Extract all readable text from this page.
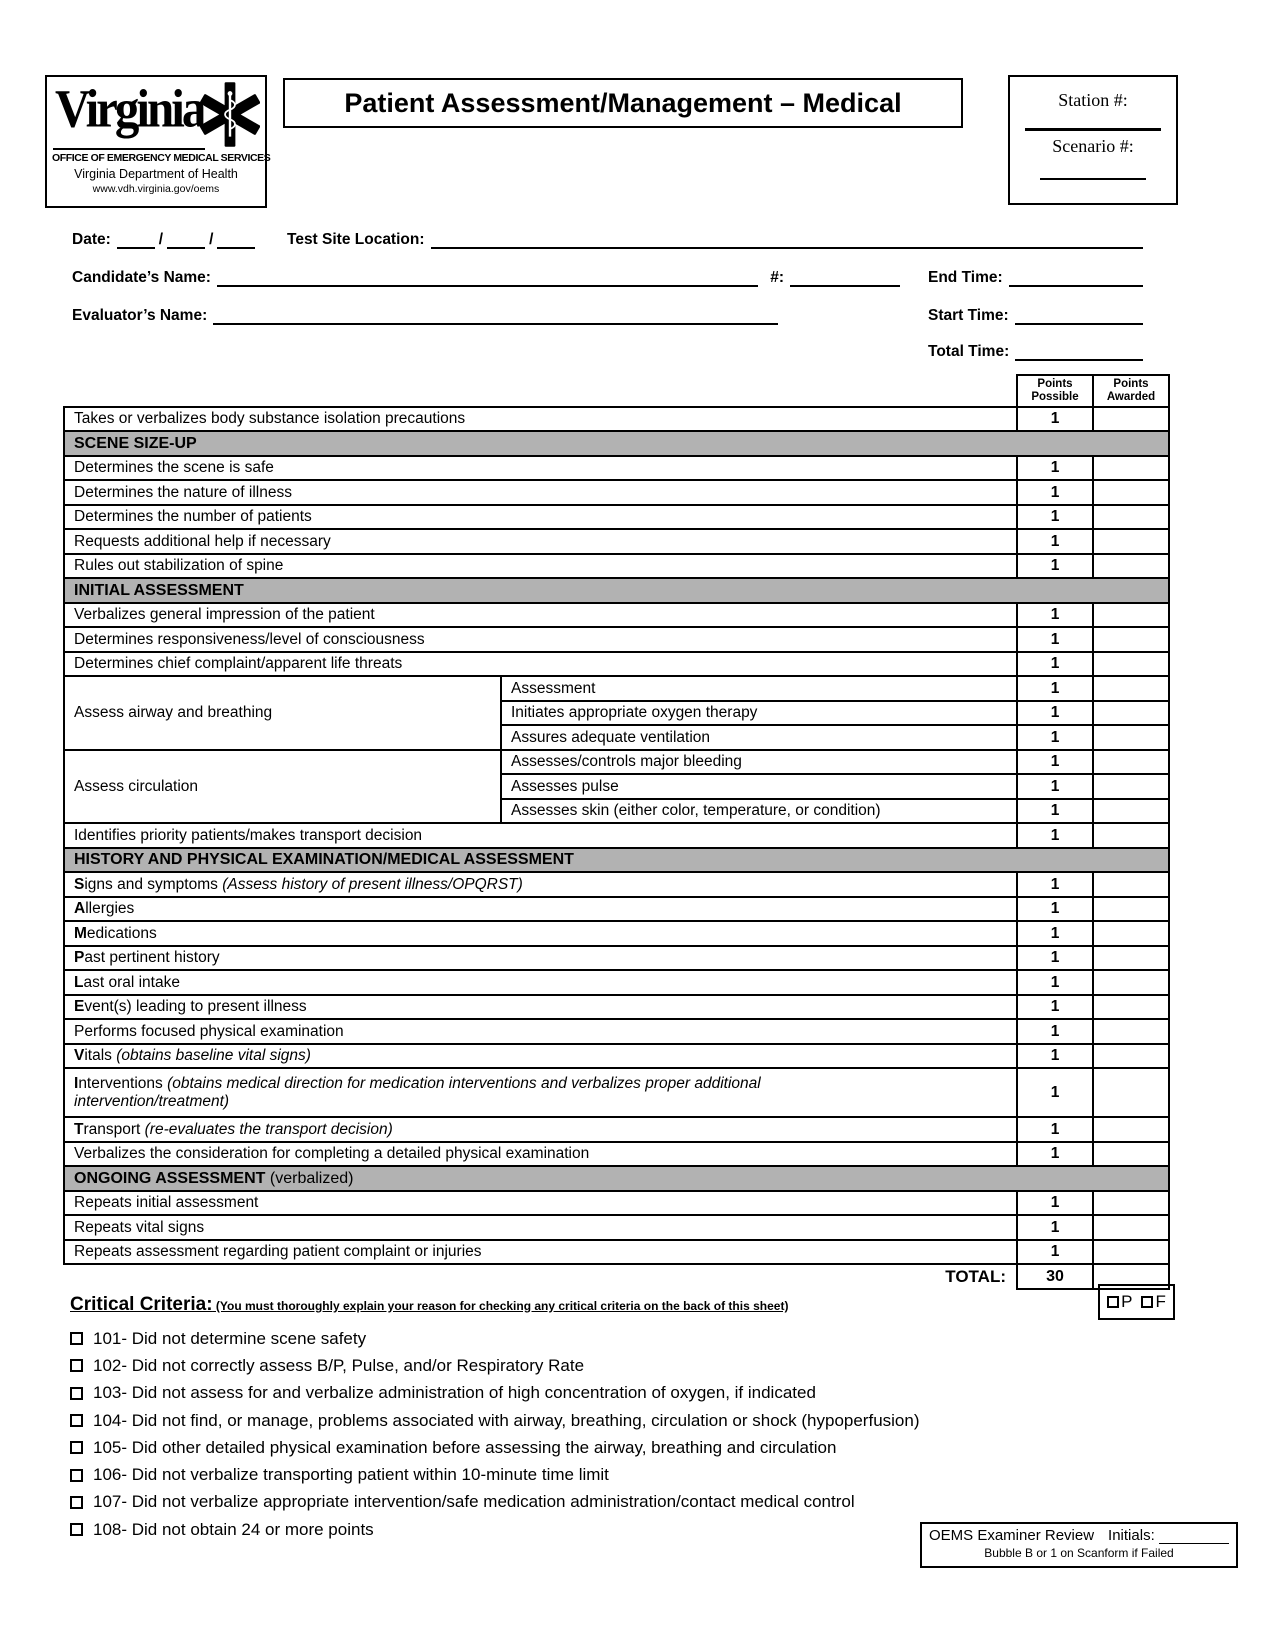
Virginia
OFFICE OF EMERGENCY MEDICAL SERVICES
Virginia Department of Health
www.vdh.virginia.gov/oems
Patient Assessment/Management – Medical	Station #:
Scenario #:
Date:	/	/	Test Site Location:
Candidate’s Name:	#:	End Time:
Evaluator’s Name:	Start Time:
Total Time:
		Points Possible	Points Awarded
Takes or verbalizes body substance isolation precautions		1	
SCENE SIZE-UP			
Determines the scene is safe		1	
Determines the nature of illness		1	
Determines the number of patients		1	
Requests additional help if necessary		1	
Rules out stabilization of spine		1	
INITIAL ASSESSMENT			
Verbalizes general impression of the patient		1	
Determines responsiveness/level of consciousness		1	
Determines chief complaint/apparent life threats		1	
Assess airway and breathing	Assessment	1	
	Initiates appropriate oxygen therapy	1	
	Assures adequate ventilation	1	
Assess circulation	Assesses/controls major bleeding	1	
	Assesses pulse	1	
	Assesses skin (either color, temperature, or condition)	1	
Identifies priority patients/makes transport decision		1	
HISTORY AND PHYSICAL EXAMINATION/MEDICAL ASSESSMENT			
Signs and symptoms (Assess history of present illness/OPQRST)		1	
Allergies		1	
Medications		1	
Past pertinent history		1	
Last oral intake		1	
Event(s) leading to present illness		1	
Performs focused physical examination		1	
Vitals (obtains baseline vital signs)		1	
Interventions (obtains medical direction for medication interventions and verbalizes proper additional
intervention/treatment)		1	
Transport (re-evaluates the transport decision)		1	
Verbalizes the consideration for completing a detailed physical examination		1	
ONGOING ASSESSMENT (verbalized)			
Repeats initial assessment		1	
Repeats vital signs		1	
Repeats assessment regarding patient complaint or injuries		1	
TOTAL:		30	
Critical Criteria: (You must thoroughly explain your reason for checking any critical criteria on the back of this sheet)
101- Did not determine scene safety
102- Did not correctly assess B/P, Pulse, and/or Respiratory Rate
103- Did not assess for and verbalize administration of high concentration of oxygen, if indicated
104- Did not find, or manage, problems associated with airway, breathing, circulation or shock (hypoperfusion)
105- Did other detailed physical examination before assessing the airway, breathing and circulation
106- Did not verbalize transporting patient within 10-minute time limit
107- Did not verbalize appropriate intervention/safe medication administration/contact medical control
108- Did not obtain 24 or more points
P F
OEMS Examiner Review Initials:
Bubble B or 1 on Scanform if Failed
